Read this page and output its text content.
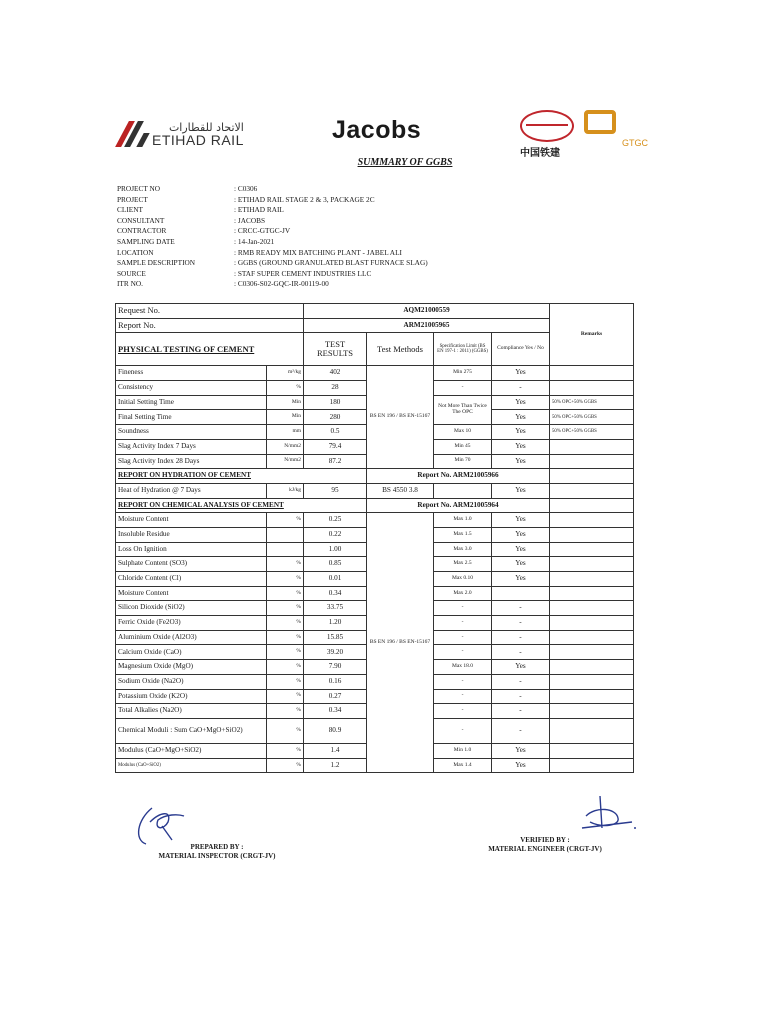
الاتحاد للقطارات
ETIHAD RAIL	Jacobs
中国铁建
GTGC
SUMMARY OF GGBS
PROJECT NO	: C0306
PROJECT	: ETIHAD RAIL STAGE 2 & 3, PACKAGE 2C
CLIENT	: ETIHAD RAIL
CONSULTANT	: JACOBS
CONTRACTOR	: CRCC-GTGC-JV
SAMPLING DATE	: 14-Jan-2021
LOCATION	: RMB READY MIX BATCHING PLANT - JABEL ALI
SAMPLE DESCRIPTION	: GGBS (GROUND GRANULATED BLAST FURNACE SLAG)
SOURCE	: STAF SUPER CEMENT INDUSTRIES LLC
ITR NO.	: C0306-S02-GQC-IR-00119-00
Request No.		AQM21000559				Remarks
Report No.		ARM21005965				
PHYSICAL TESTING OF CEMENT		TEST RESULTS	Test Methods	Specification Limit (BS EN 197-1 : 2011) (GGBS)	Compliance Yes / No	
Fineness	m²/kg	402	BS EN 196 / BS EN-15167	Min 275	Yes	
Consistency	%	28		-	-	
Initial Setting Time	Min	180		Not More Than Twice The OPC	Yes	50% OPC+50% GGBS
Final Setting Time	Min	280			Yes	50% OPC+50% GGBS
Soundness	mm	0.5		Max 10	Yes	50% OPC+50% GGBS
Slag Activity Index 7 Days	N/mm2	79.4		Min 45	Yes	
Slag Activity Index 28 Days	N/mm2	87.2		Min 70	Yes	
REPORT ON HYDRATION OF CEMENT			Report No. ARM21005966			
Heat of Hydration @ 7 Days	kJ/kg	95	BS 4550 3.8		Yes	
REPORT ON CHEMICAL ANALYSIS OF CEMENT			Report No. ARM21005964			
Moisture Content	%	0.25	BS EN 196 / BS EN-15167	Max 1.0	Yes	
Insoluble Residue		0.22		Max 1.5	Yes	
Loss On Ignition		1.00		Max 3.0	Yes	
Sulphate Content (SO3)	%	0.85		Max 2.5	Yes	
Chloride Content (Cl)	%	0.01		Max 0.10	Yes	
Moisture Content	%	0.34		Max 2.0		
Silicon Dioxide (SiO2)	%	33.75		-	-	
Ferric Oxide (Fe2O3)	%	1.20		-	-	
Aluminium Oxide (Al2O3)	%	15.85		-	-	
Calcium Oxide (CaO)	%	39.20		-	-	
Magnesium Oxide (MgO)	%	7.90		Max 18.0	Yes	
Sodium Oxide (Na2O)	%	0.16		-	-	
Potassium Oxide (K2O)	%	0.27		-	-	
Total Alkalies (Na2O)	%	0.34		-	-	
Chemical Moduli : Sum CaO+MgO+SiO2)	%	80.9		-	-	
Modulus (CaO+MgO+SiO2)	%	1.4		Min 1.0	Yes	
Modulus (CaO+SiO2)	%	1.2		Max 1.4	Yes	
PREPARED BY :
MATERIAL INSPECTOR (CRGT-JV)
VERIFIED BY :
MATERIAL ENGINEER (CRGT-JV)
